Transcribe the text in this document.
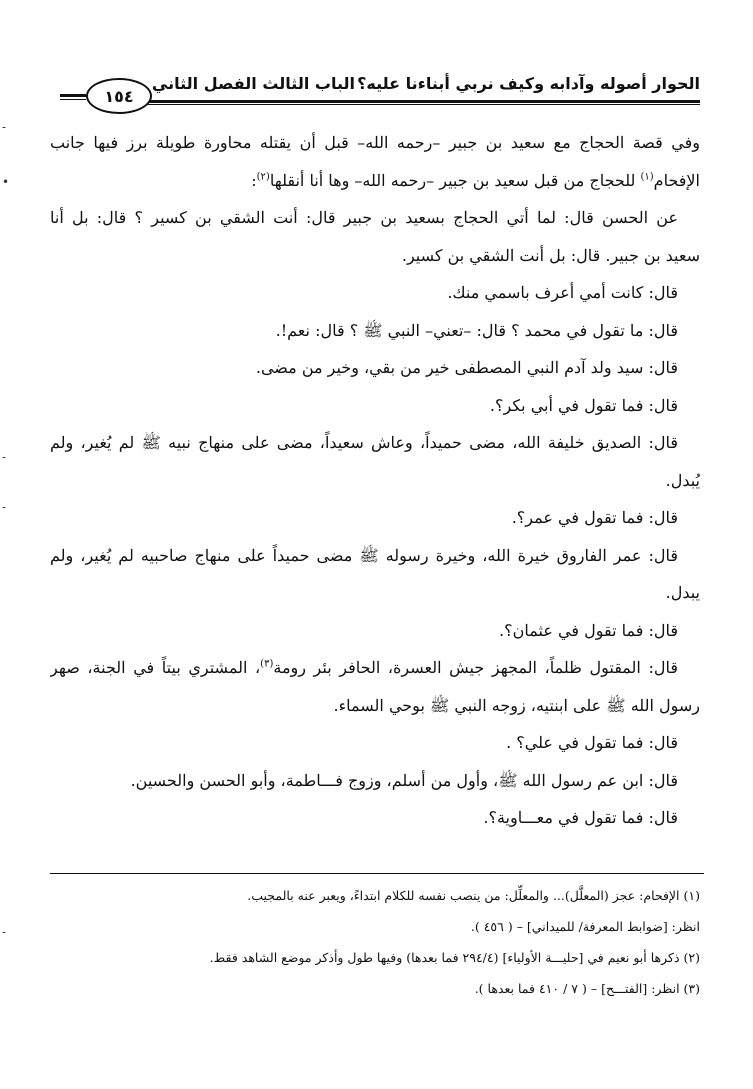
الحوار أصوله وآدابه وكيف نربي أبناءنا عليه؟
الباب الثالث الفصل الثاني
١٥٤
وفي قصة الحجاج مع سعيد بن جبير –رحمه الله– قبل أن يقتله محاورة طويلة برز فيها جانب
الإفحام$^{(١)}$ للحجاج من قبل سعيد بن جبير –رحمه الله– وها أنا أنقلها$^{(٢)}$:
عن الحسن قال: لما أتي الحجاج بسعيد بن جبير قال: أنت الشقي بن كسير ؟ قال: بل أنا
سعيد بن جبير. قال: بل أنت الشقي بن كسير.
قال: كانت أمي أعرف باسمي منك.
قال: ما تقول في محمد ؟ قال: –تعني– النبي ﷺ ؟ قال: نعم!.
قال: سيد ولد آدم النبي المصطفى خير من بقي، وخير من مضى.
قال: فما تقول في أبي بكر؟.
قال: الصديق خليفة الله، مضى حميداً، وعاش سعيداً، مضى على منهاج نبيه ﷺ لم يُغير، ولم
يُبدل.
قال: فما تقول في عمر؟.
قال: عمر الفاروق خيرة الله، وخيرة رسوله ﷺ مضى حميداً على منهاج صاحبيه لم يُغير، ولم
يبدل.
قال: فما تقول في عثمان؟.
قال: المقتول ظلماً، المجهز جيش العسرة، الحافر بئر رومة$^{(٣)}$، المشتري بيتاً في الجنة، صهر
رسول الله ﷺ على ابنتيه، زوجه النبي ﷺ بوحي السماء.
قال: فما تقول في علي؟ .
قال: ابن عم رسول الله ﷺ، وأول من أسلم، وزوج فـــاطمة، وأبو الحسن والحسين.
قال: فما تقول في معـــاوية؟.
(١) الإفحام: عجز (المعلَّل)... والمعلِّل: من ينصب نفسه للكلام ابتداءً، ويعبر عنه بالمجيب.
انظر: [ضوابط المعرفة/ للميداني] – ( ٤٥٦ ).
(٢) ذكرها أبو نعيم في [حليـــة الأولياء] (٢٩٤/٤ فما بعدها) وفيها طول وأذكر موضع الشاهد فقط.
(٣) انظر: [الفتـــح] – ( ٧ / ٤١٠ فما بعدها ).
-
•
-
-
-
